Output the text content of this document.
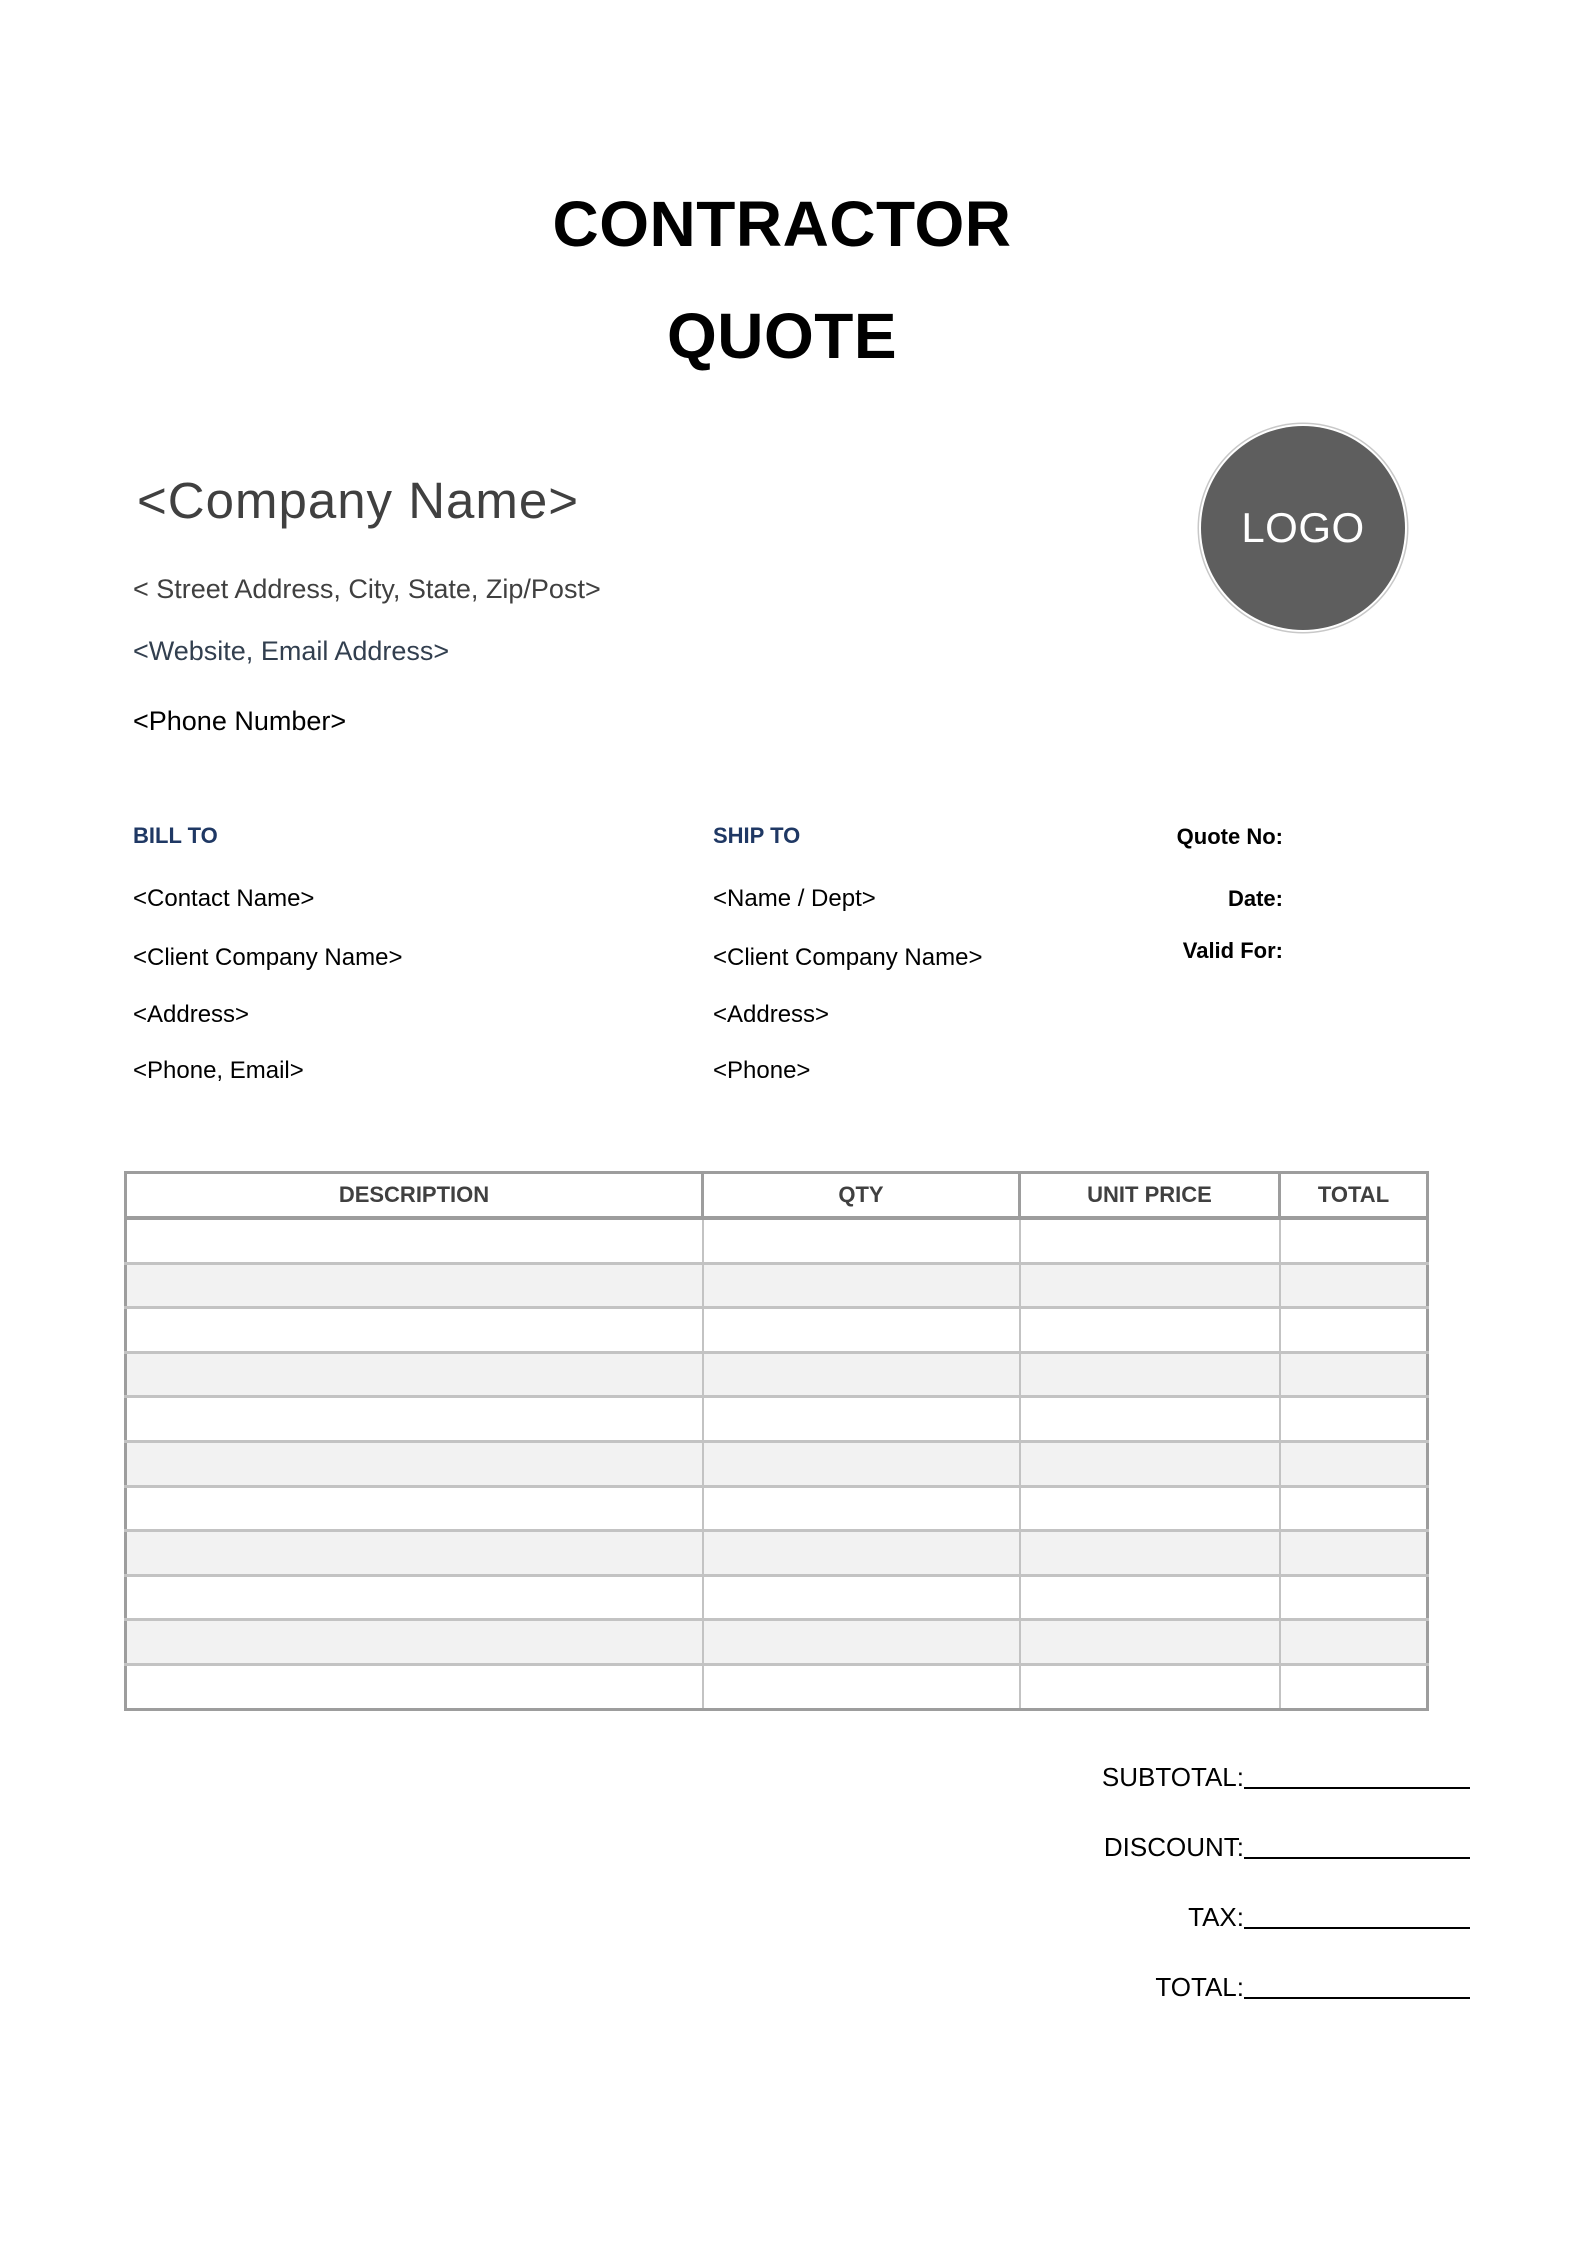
CONTRACTOR
QUOTE
<Company Name>
< Street Address, City, State, Zip/Post>
<Website, Email Address>
<Phone Number>
LOGO
BILL TO
<Contact Name>
<Client Company Name>
<Address>
<Phone, Email>
SHIP TO
<Name / Dept>
<Client Company Name>
<Address>
<Phone>
Quote No:
Date:
Valid For:
DESCRIPTION	QTY	UNIT PRICE	TOTAL

SUBTOTAL:
DISCOUNT:
TAX:
TOTAL:
